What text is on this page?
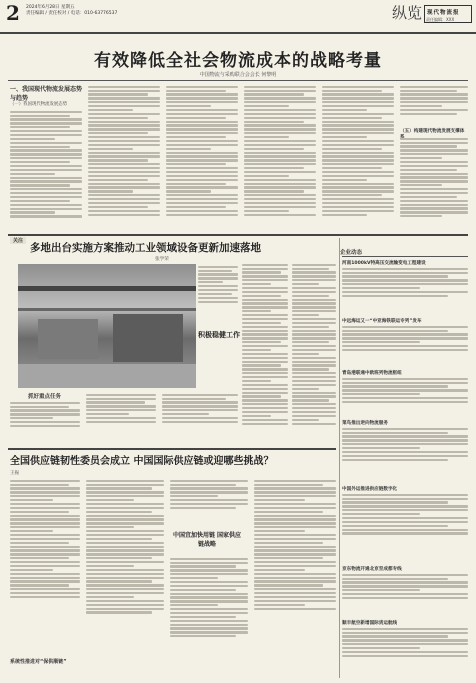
2 2024年6月28日 星期五
责任编辑 / 责任校对 / 电话：010-63776537	纵览 现代物流报
责任编辑：XXX
有效降低全社会物流成本的战略考量
中国物流与采购联合会会长 何黎明
一、我国现代物流发展态势与趋势
（一）我国现代物流发展态势
（五）构建现代物流发展支撑体
关注
多地出台实施方案推动工业领域设备更新加速落地
张学荣
积极稳健工作
抓好重点任务
企业动态
河南1000kV特高压交流输变电工程建设
中远海运又一“中亚海铁联运专列”发车
青岛港联通中欧班列物流枢纽
菜鸟推出逆向物流服务
中国外运推进供应链数字化
京东物流开通北京至成都专线
顺丰航空新增国际货运航线
全国供应链韧性委员会成立 中国国际供应链或迎哪些挑战？
王振
系统性推进对“保供顺链”
中国宜加快用链 国家供应链战略
